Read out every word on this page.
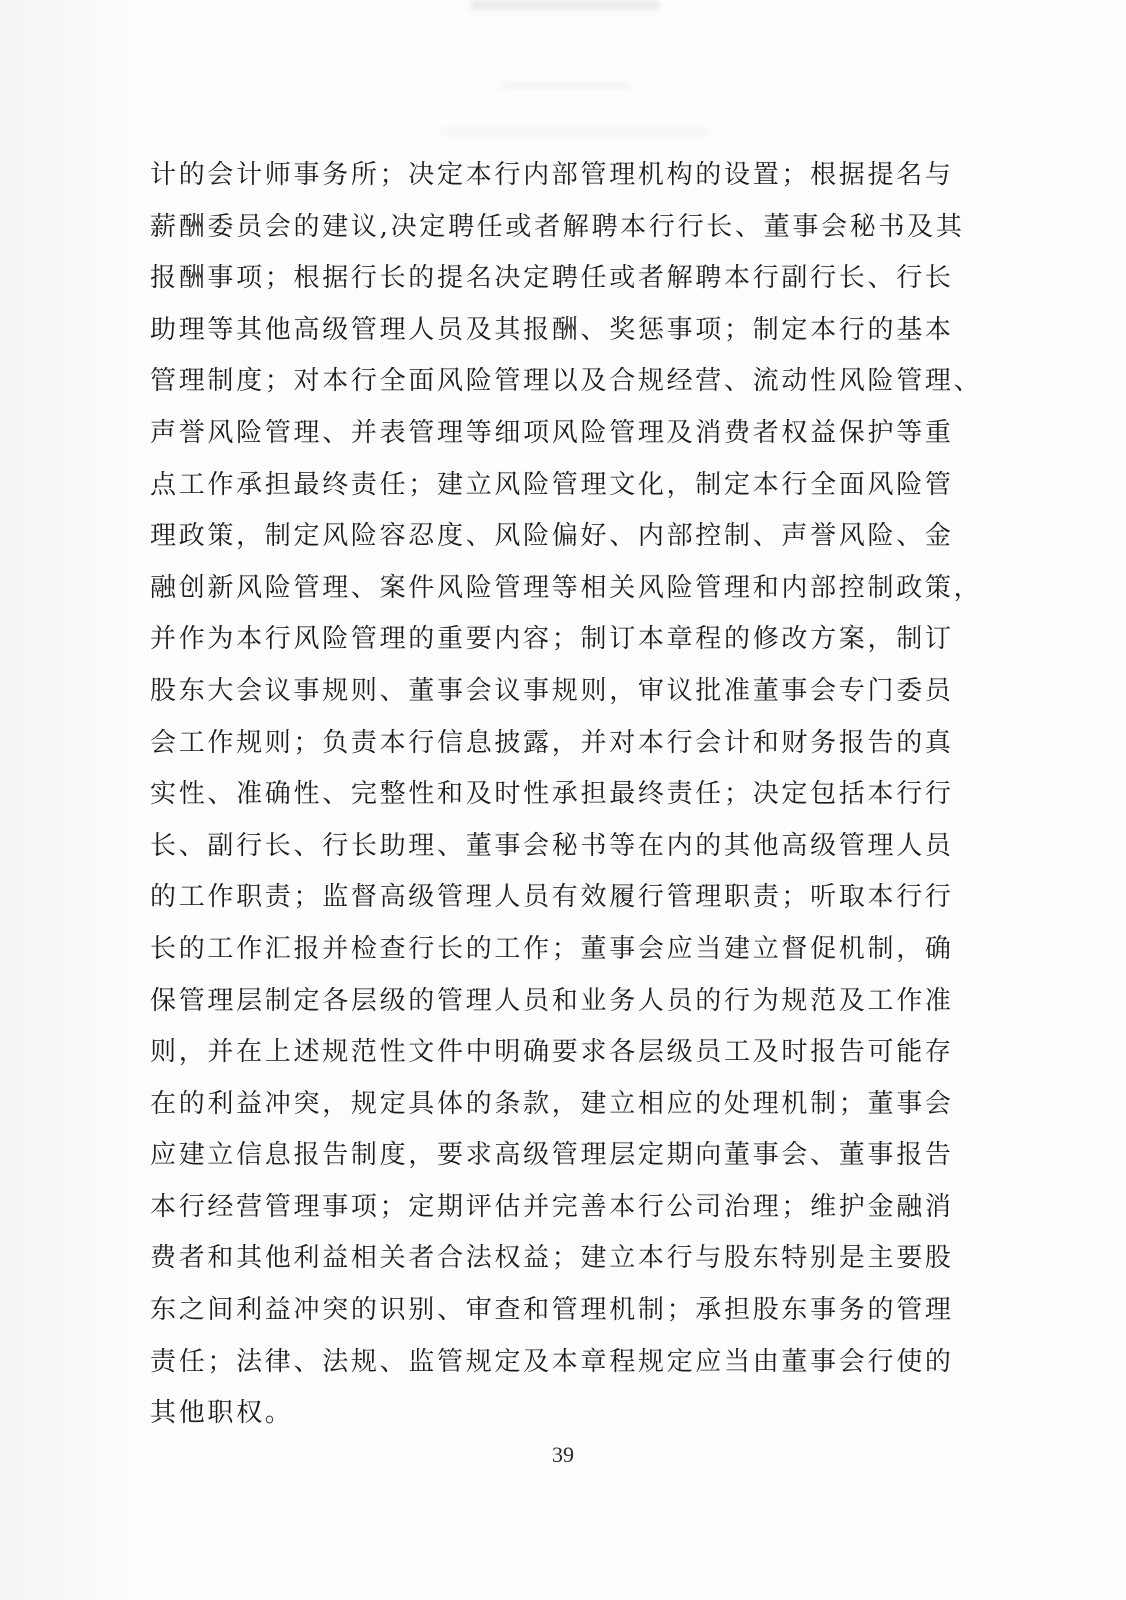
计的会计师事务所；决定本行内部管理机构的设置；根据提名与
薪酬委员会的建议,决定聘任或者解聘本行行长、董事会秘书及其
报酬事项；根据行长的提名决定聘任或者解聘本行副行长、行长
助理等其他高级管理人员及其报酬、奖惩事项；制定本行的基本
管理制度；对本行全面风险管理以及合规经营、流动性风险管理、
声誉风险管理、并表管理等细项风险管理及消费者权益保护等重
点工作承担最终责任；建立风险管理文化，制定本行全面风险管
理政策，制定风险容忍度、风险偏好、内部控制、声誉风险、金
融创新风险管理、案件风险管理等相关风险管理和内部控制政策，
并作为本行风险管理的重要内容；制订本章程的修改方案，制订
股东大会议事规则、董事会议事规则，审议批准董事会专门委员
会工作规则；负责本行信息披露，并对本行会计和财务报告的真
实性、准确性、完整性和及时性承担最终责任；决定包括本行行
长、副行长、行长助理、董事会秘书等在内的其他高级管理人员
的工作职责；监督高级管理人员有效履行管理职责；听取本行行
长的工作汇报并检查行长的工作；董事会应当建立督促机制，确
保管理层制定各层级的管理人员和业务人员的行为规范及工作准
则，并在上述规范性文件中明确要求各层级员工及时报告可能存
在的利益冲突，规定具体的条款，建立相应的处理机制；董事会
应建立信息报告制度，要求高级管理层定期向董事会、董事报告
本行经营管理事项；定期评估并完善本行公司治理；维护金融消
费者和其他利益相关者合法权益；建立本行与股东特别是主要股
东之间利益冲突的识别、审查和管理机制；承担股东事务的管理
责任；法律、法规、监管规定及本章程规定应当由董事会行使的
其他职权。
39
